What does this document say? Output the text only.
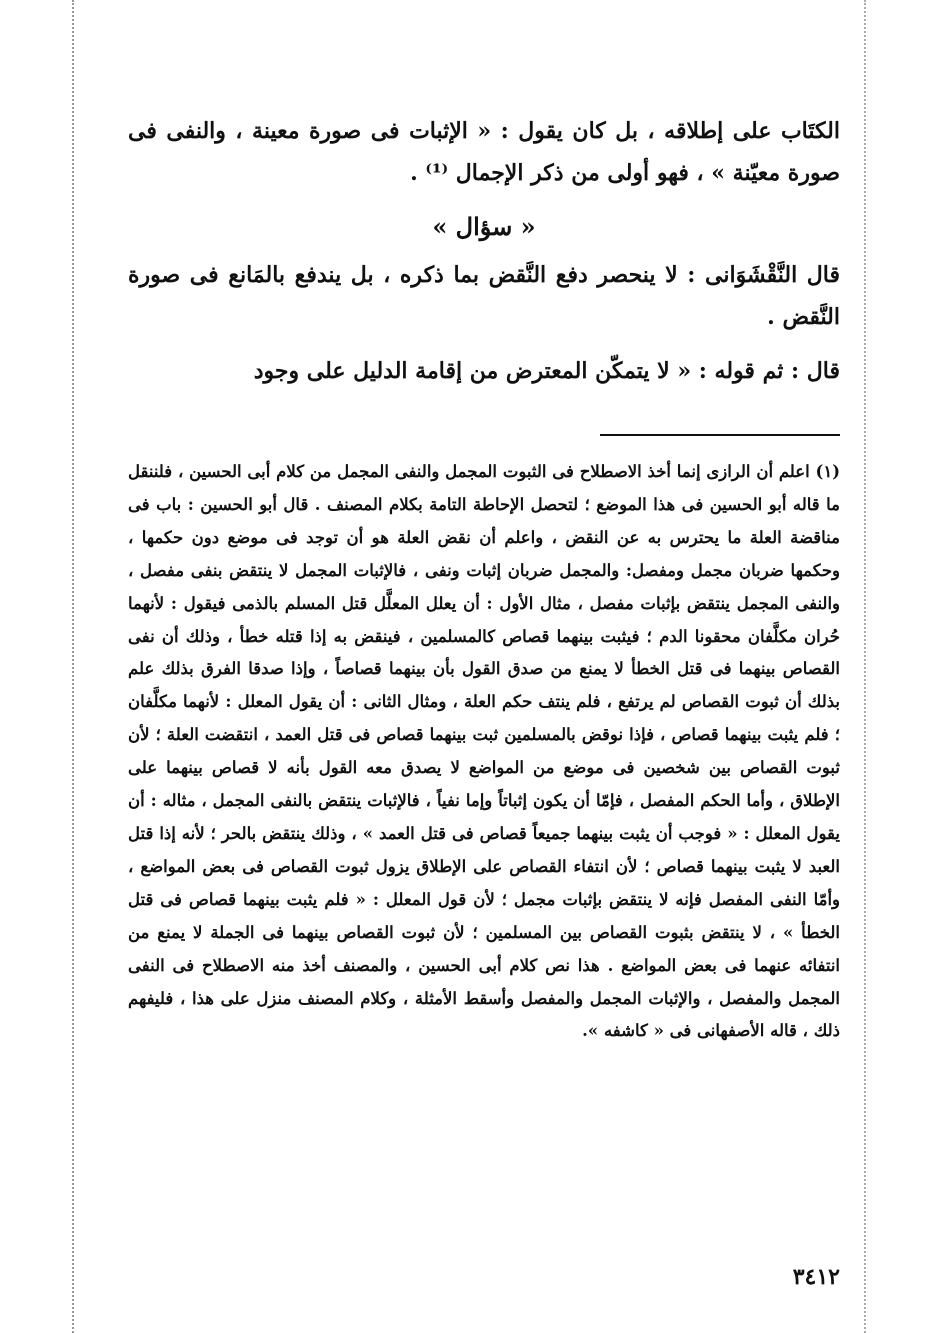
الكتَاب على إطلاقه ، بل كان يقول : « الإثبات فى صورة معينة ، والنفى فى صورة معيّنة » ، فهو أولى من ذكر الإجمال ⁽¹⁾ .

« سؤال »

قال النَّقْشَوَانى : لا ينحصر دفع النَّقض بما ذكره ، بل يندفع بالمَانع فى صورة النَّقض .

قال : ثم قوله : « لا يتمكّن المعترض من إقامة الدليل على وجود

(١) اعلم أن الرازى إنما أخذ الاصطلاح فى الثبوت المجمل والنفى المجمل من كلام أبى الحسين ، فلننقل ما قاله أبو الحسين فى هذا الموضع ؛ لتحصل الإحاطة التامة بكلام المصنف . قال أبو الحسين : باب فى مناقضة العلة ما يحترس به عن النقض ، واعلم أن نقض العلة هو أن توجد فى موضع دون حكمها ، وحكمها ضربان مجمل ومفصل: والمجمل ضربان إثبات ونفى ، فالإثبات المجمل لا ينتقض بنفى مفصل ، والنفى المجمل ينتقض بإثبات مفصل ، مثال الأول : أن يعلل المعلَّل قتل المسلم بالذمى فيقول : لأنهما حُران مكلَّفان محقونا الدم ؛ فيثبت بينهما قصاص كالمسلمين ، فينقض به إذا قتله خطأ ، وذلك أن نفى القصاص بينهما فى قتل الخطأ لا يمنع من صدق القول بأن بينهما قصاصاً ، وإذا صدقا الفرق بذلك علم بذلك أن ثبوت القصاص لم يرتفع ، فلم ينتف حكم العلة ، ومثال الثانى : أن يقول المعلل : لأنهما مكلَّفان ؛ فلم يثبت بينهما قصاص ، فإذا نوقض بالمسلمين ثبت بينهما قصاص فى قتل العمد ، انتقضت العلة ؛ لأن ثبوت القصاص بين شخصين فى موضع من المواضع لا يصدق معه القول بأنه لا قصاص بينهما على الإطلاق ، وأما الحكم المفصل ، فإمّا أن يكون إثباتاً وإما نفياً ، فالإثبات ينتقض بالنفى المجمل ، مثاله : أن يقول المعلل : « فوجب أن يثبت بينهما جميعاً قصاص فى قتل العمد » ، وذلك ينتقض بالحر ؛ لأنه إذا قتل العبد لا يثبت بينهما قصاص ؛ لأن انتفاء القصاص على الإطلاق يزول ثبوت القصاص فى بعض المواضع ، وأمّا النفى المفصل فإنه لا ينتقض بإثبات مجمل ؛ لأن قول المعلل : « فلم يثبت بينهما قصاص فى قتل الخطأ » ، لا ينتقض بثبوت القصاص بين المسلمين ؛ لأن ثبوت القصاص بينهما فى الجملة لا يمنع من انتفائه عنهما فى بعض المواضع . هذا نص كلام أبى الحسين ، والمصنف أخذ منه الاصطلاح فى النفى المجمل والمفصل ، والإثبات المجمل والمفصل وأسقط الأمثلة ، وكلام المصنف منزل على هذا ، فليفهم ذلك ، قاله الأصفهانى فى « كاشفه ».

٣٤١٢
